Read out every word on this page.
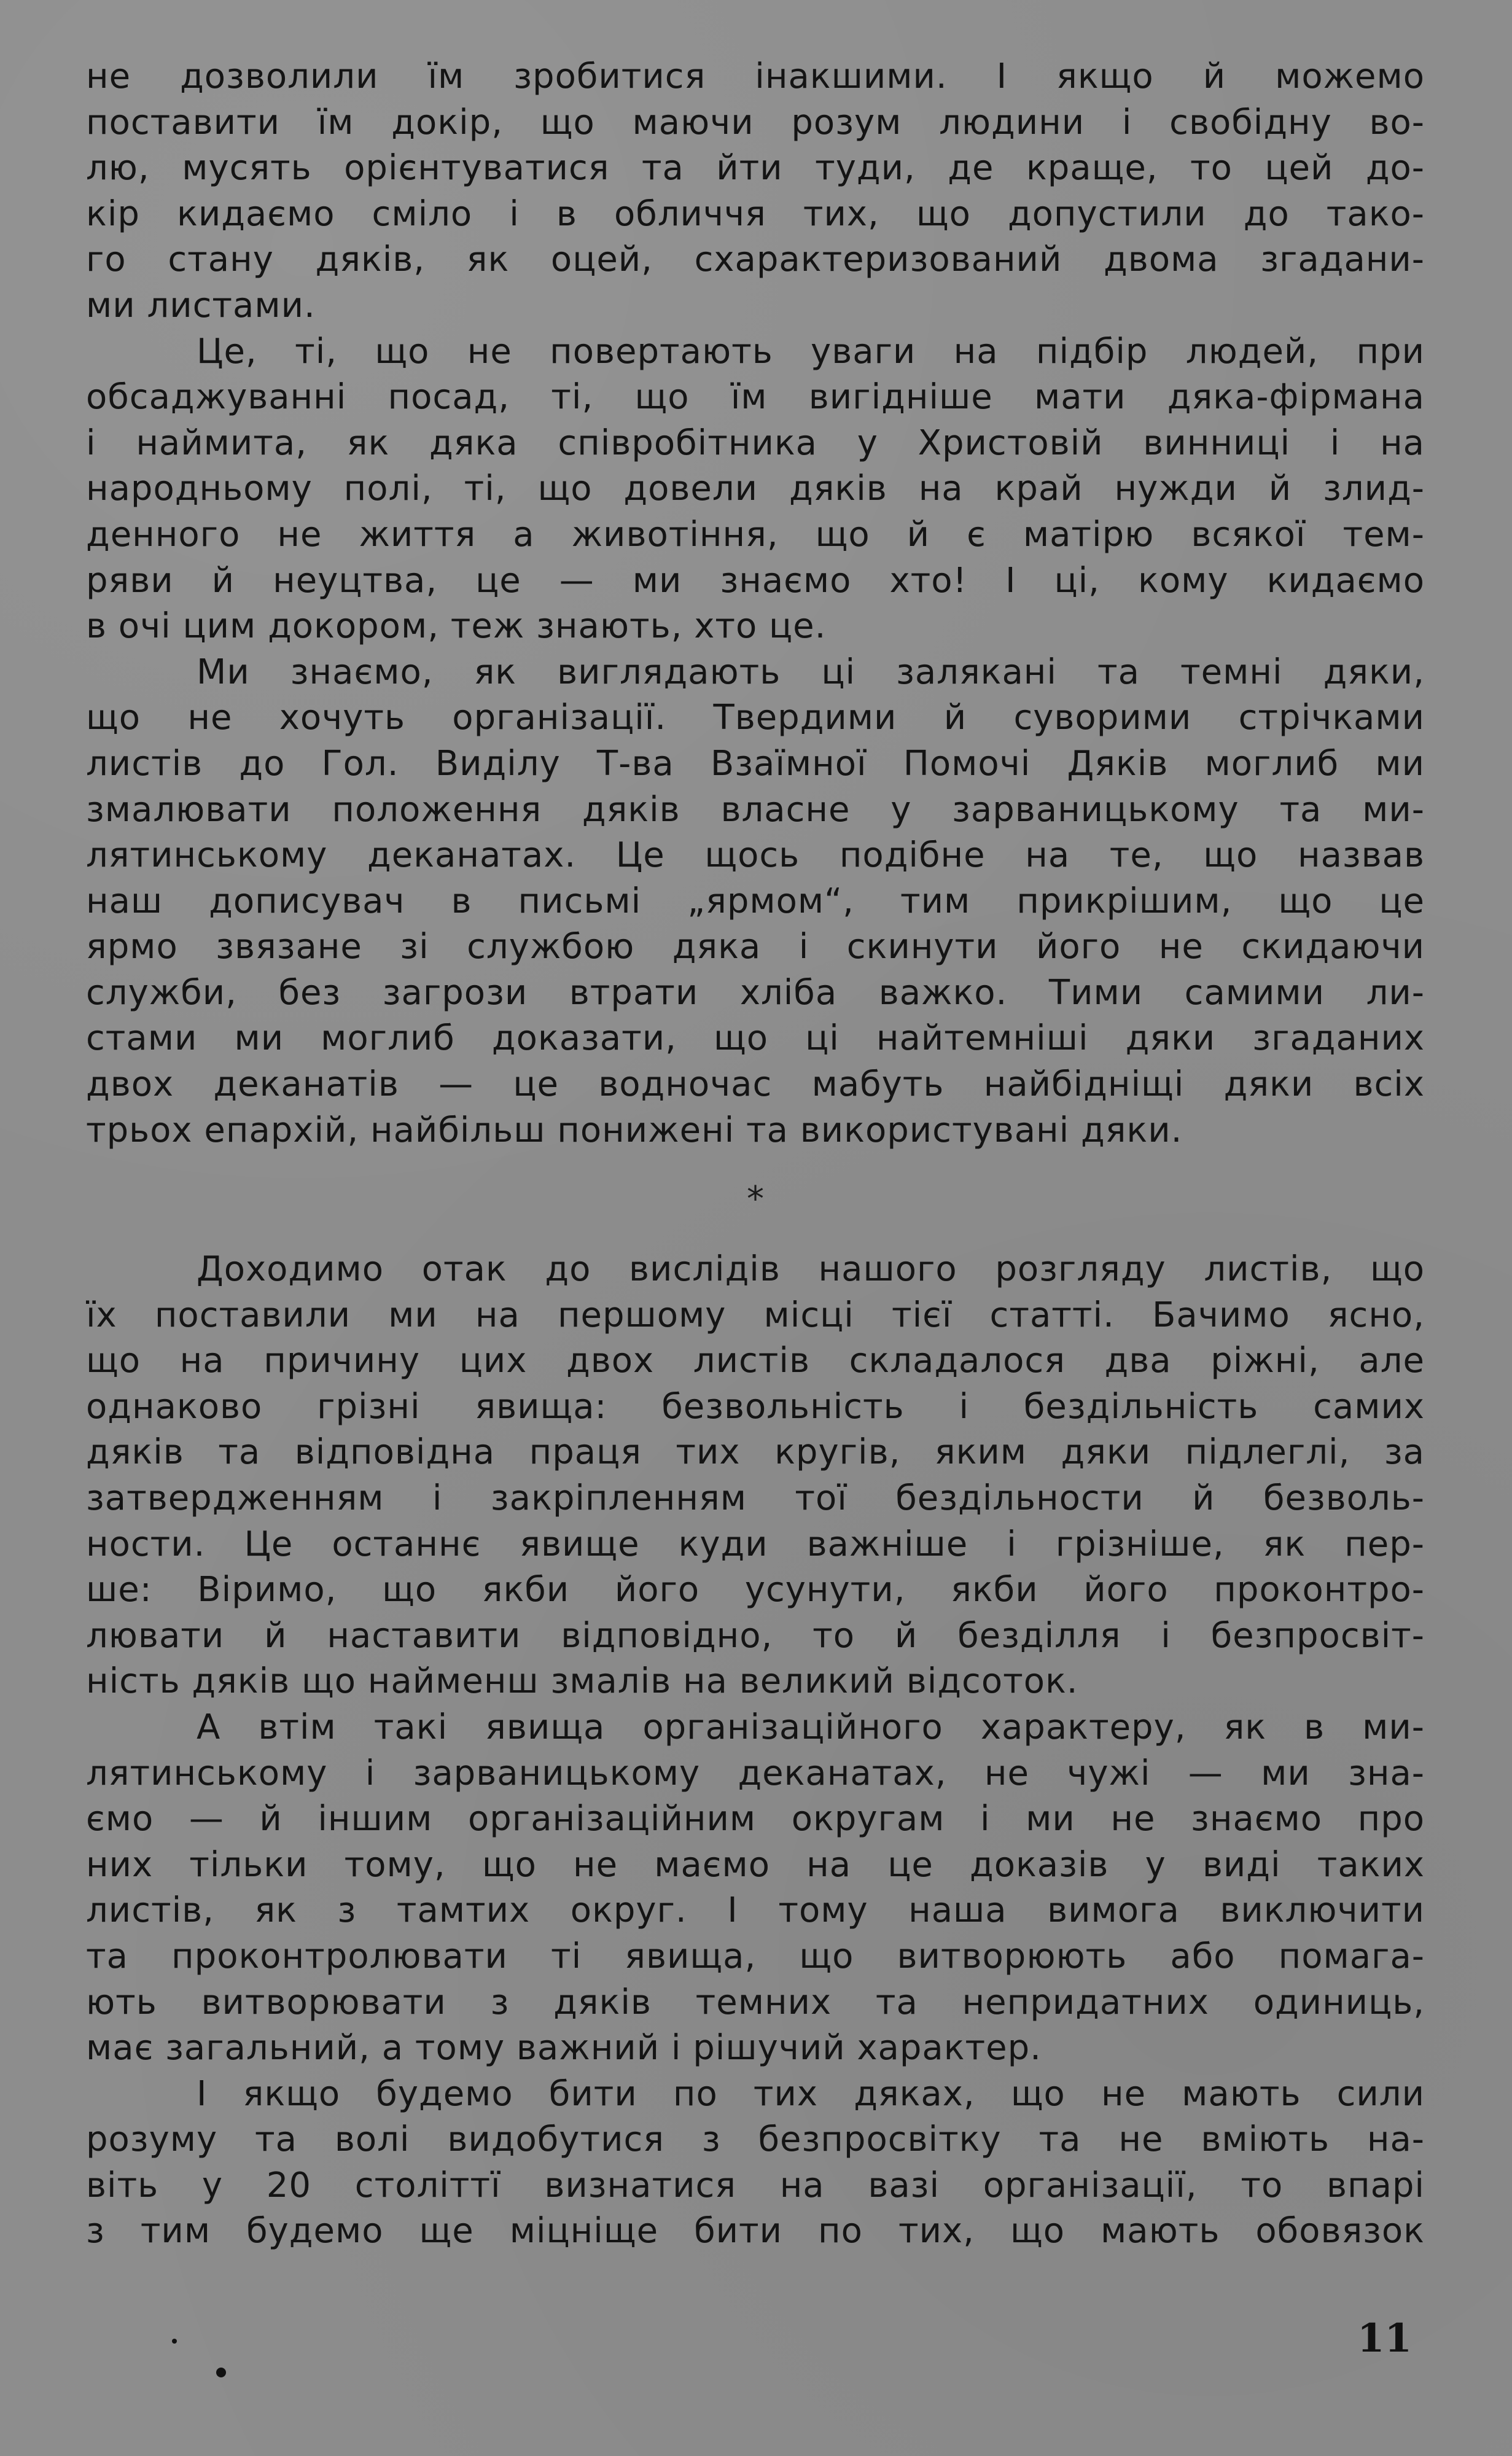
не дозволили їм зробитися інакшими. І якщо й можемо
поставити їм докір, що маючи розум людини і свобідну во-
лю, мусять орієнтуватися та йти туди, де краще, то цей до-
кір кидаємо сміло і в обличчя тих, що допустили до тако-
го стану дяків, як оцей, схарактеризований двома згадани-
ми листами.
Це, ті, що не повертають уваги на підбір людей, при
обсаджуванні посад, ті, що їм вигідніше мати дяка-фірмана
і наймита, як дяка співробітника у Христовій винниці і на
народньому полі, ті, що довели дяків на край нужди й злид-
денного не життя а животіння, що й є матірю всякої тем-
ряви й неуцтва, це — ми знаємо хто! І ці, кому кидаємо
в очі цим докором, теж знають, хто це.
Ми знаємо, як виглядають ці залякані та темні дяки,
що не хочуть організації. Твердими й суворими стрічками
листів до Гол. Виділу Т-ва Взаїмної Помочі Дяків моглиб ми
змалювати положення дяків власне у зарваницькому та ми-
лятинському деканатах. Це щось подібне на те, що назвав
наш дописувач в письмі „ярмом“, тим прикрішим, що це
ярмо звязане зі службою дяка і скинути його не скидаючи
служби, без загрози втрати хліба важко. Тими самими ли-
стами ми моглиб доказати, що ці найтемніші дяки згаданих
двох деканатів — це водночас мабуть найбідніщі дяки всіх
трьох епархій, найбільш понижені та використувані дяки.
*
Доходимо отак до вислідів нашого розгляду листів, що
їх поставили ми на першому місці тієї статті. Бачимо ясно,
що на причину цих двох листів складалося два ріжні, але
однаково грізні явища: безвольність і бездільність самих
дяків та відповідна праця тих кругів, яким дяки підлеглі, за
затвердженням і закріпленням тої бездільности й безволь-
ности. Це останнє явище куди важніше і грізніше, як пер-
ше: Віримо, що якби його усунути, якби його проконтро-
лювати й наставити відповідно, то й безділля і безпросвіт-
ність дяків що найменш змалів на великий відсоток.
А втім такі явища організаційного характеру, як в ми-
лятинському і зарваницькому деканатах, не чужі — ми зна-
ємо — й іншим організаційним округам і ми не знаємо про
них тільки тому, що не маємо на це доказів у виді таких
листів, як з тамтих округ. І тому наша вимога виключити
та проконтролювати ті явища, що витворюють або помага-
ють витворювати з дяків темних та непридатних одиниць,
має загальний, а тому важний і рішучий характер.
І якщо будемо бити по тих дяках, що не мають сили
розуму та волі видобутися з безпросвітку та не вміють на-
віть у 20 століттї визнатися на вазі організації, то впарі
з тим будемо ще міцніще бити по тих, що мають обовязок
11
